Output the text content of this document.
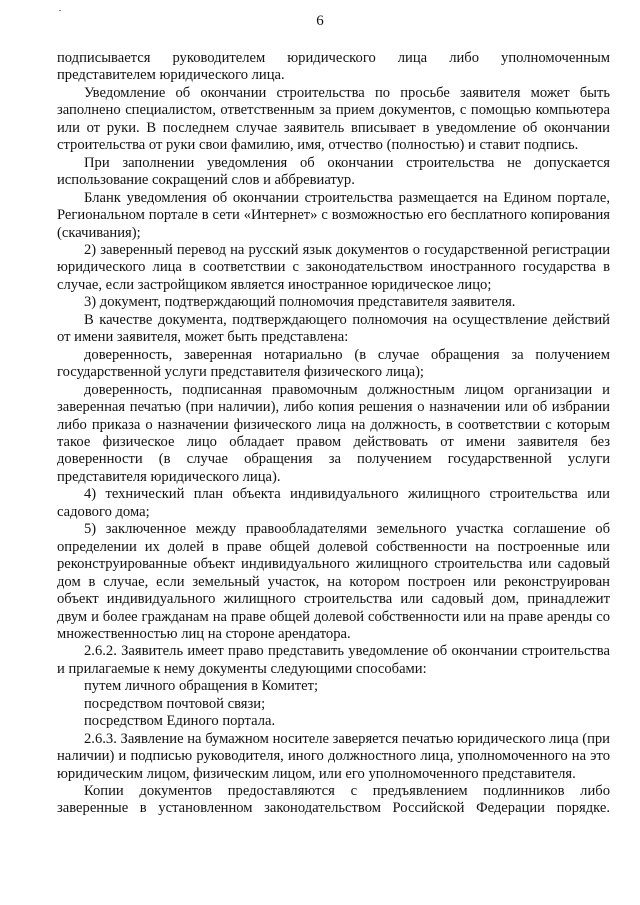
6

подписывается руководителем юридического лица либо уполномоченным представителем юридического лица.

Уведомление об окончании строительства по просьбе заявителя может быть заполнено специалистом, ответственным за прием документов, с помощью компьютера или от руки. В последнем случае заявитель вписывает в уведомление об окончании строительства от руки свои фамилию, имя, отчество (полностью) и ставит подпись.

При заполнении уведомления об окончании строительства не допускается использование сокращений слов и аббревиатур.

Бланк уведомления об окончании строительства размещается на Едином портале, Региональном портале в сети «Интернет» с возможностью его бесплатного копирования (скачивания);

2) заверенный перевод на русский язык документов о государственной регистрации юридического лица в соответствии с законодательством иностранного государства в случае, если застройщиком является иностранное юридическое лицо;

3) документ, подтверждающий полномочия представителя заявителя.

В качестве документа, подтверждающего полномочия на осуществление действий от имени заявителя, может быть представлена:

доверенность, заверенная нотариально (в случае обращения за получением государственной услуги представителя физического лица);

доверенность, подписанная правомочным должностным лицом организации и заверенная печатью (при наличии), либо копия решения о назначении или об избрании либо приказа о назначении физического лица на должность, в соответствии с которым такое физическое лицо обладает правом действовать от имени заявителя без доверенности (в случае обращения за получением государственной услуги представителя юридического лица).

4) технический план объекта индивидуального жилищного строительства или садового дома;

5) заключенное между правообладателями земельного участка соглашение об определении их долей в праве общей долевой собственности на построенные или реконструированные объект индивидуального жилищного строительства или садовый дом в случае, если земельный участок, на котором построен или реконструирован объект индивидуального жилищного строительства или садовый дом, принадлежит двум и более гражданам на праве общей долевой собственности или на праве аренды со множественностью лиц на стороне арендатора.

2.6.2. Заявитель имеет право представить уведомление об окончании строительства и прилагаемые к нему документы следующими способами:

путем личного обращения в Комитет;

посредством почтовой связи;

посредством Единого портала.

2.6.3. Заявление на бумажном носителе заверяется печатью юридического лица (при наличии) и подписью руководителя, иного должностного лица, уполномоченного на это юридическим лицом, физическим лицом, или его уполномоченного представителя.

Копии документов предоставляются с предъявлением подлинников либо заверенные в установленном законодательством Российской Федерации порядке.
